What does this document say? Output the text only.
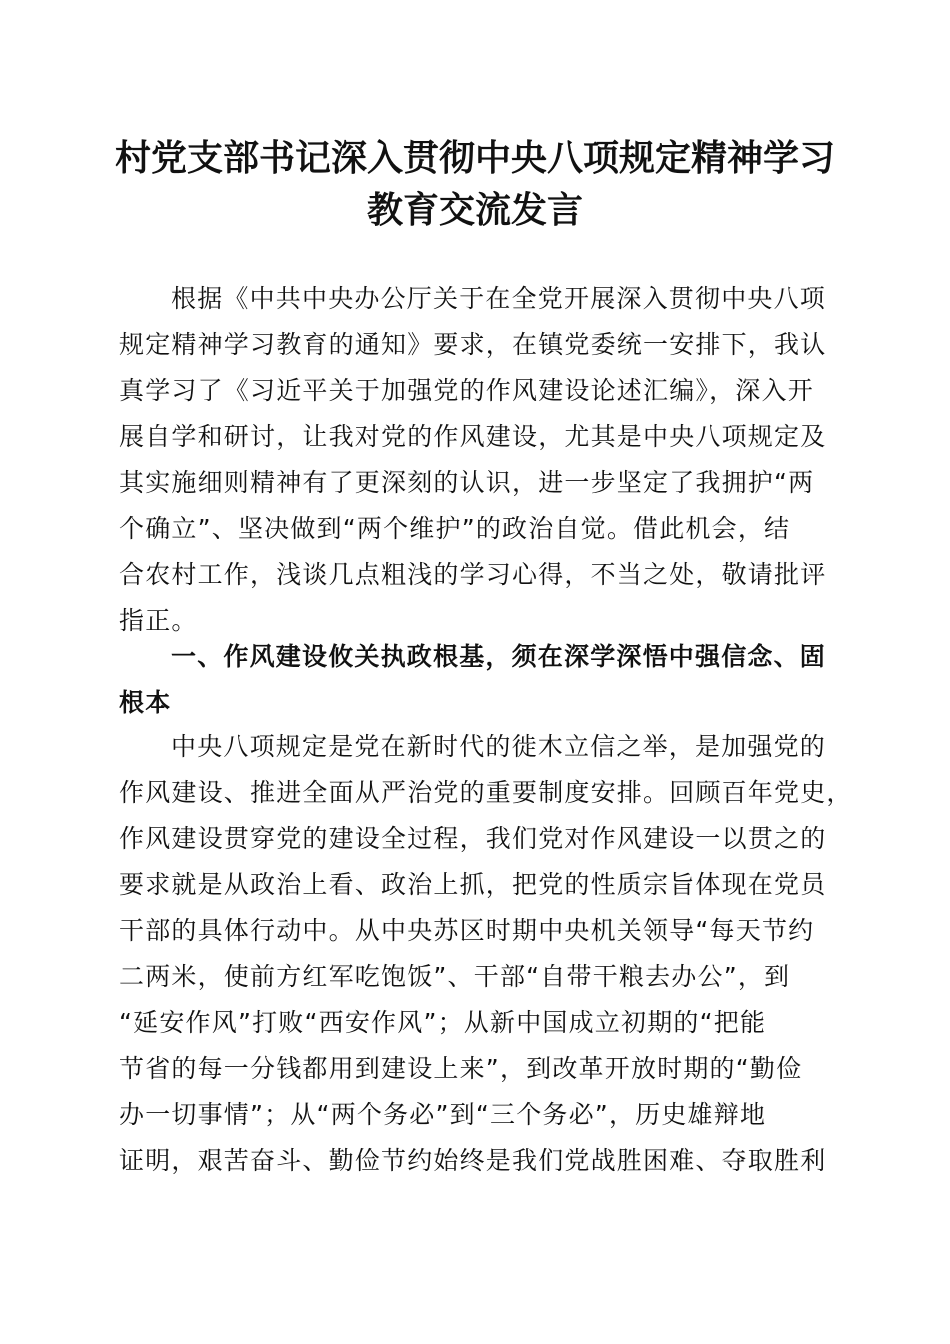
村党支部书记深入贯彻中央八项规定精神学习
教育交流发言
根据《中共中央办公厅关于在全党开展深入贯彻中央八项
规定精神学习教育的通知》要求，在镇党委统一安排下，我认
真学习了《习近平关于加强党的作风建设论述汇编》，深入开
展自学和研讨，让我对党的作风建设，尤其是中央八项规定及
其实施细则精神有了更深刻的认识，进一步坚定了我拥护“两
个确立”、坚决做到“两个维护”的政治自觉。借此机会，结
合农村工作，浅谈几点粗浅的学习心得，不当之处，敬请批评
指正。
一、作风建设攸关执政根基，须在深学深悟中强信念、固
根本
中央八项规定是党在新时代的徙木立信之举，是加强党的
作风建设、推进全面从严治党的重要制度安排。回顾百年党史，
作风建设贯穿党的建设全过程，我们党对作风建设一以贯之的
要求就是从政治上看、政治上抓，把党的性质宗旨体现在党员
干部的具体行动中。从中央苏区时期中央机关领导“每天节约
二两米，使前方红军吃饱饭”、干部“自带干粮去办公”，到
“延安作风”打败“西安作风”；从新中国成立初期的“把能
节省的每一分钱都用到建设上来”，到改革开放时期的“勤俭
办一切事情”；从“两个务必”到“三个务必”，历史雄辩地
证明，艰苦奋斗、勤俭节约始终是我们党战胜困难、夺取胜利
